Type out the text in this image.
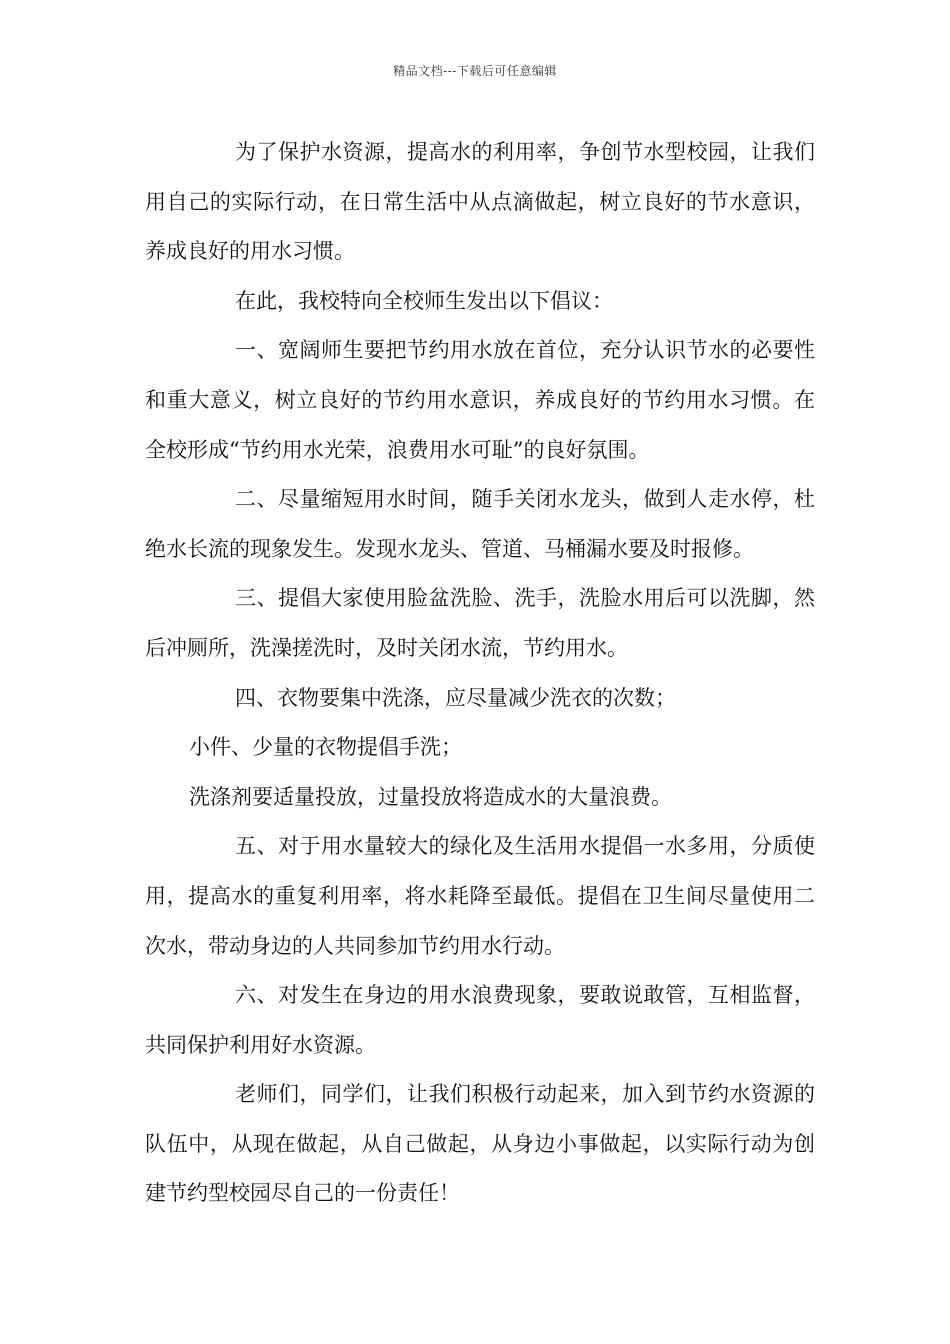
精品文档---下载后可任意编辑

为了保护水资源，提高水的利用率，争创节水型校园，让我们用自己的实际行动，在日常生活中从点滴做起，树立良好的节水意识，养成良好的用水习惯。

在此，我校特向全校师生发出以下倡议：

一、宽阔师生要把节约用水放在首位，充分认识节水的必要性和重大意义，树立良好的节约用水意识，养成良好的节约用水习惯。在全校形成“节约用水光荣，浪费用水可耻”的良好氛围。

二、尽量缩短用水时间，随手关闭水龙头，做到人走水停，杜绝水长流的现象发生。发现水龙头、管道、马桶漏水要及时报修。

三、提倡大家使用脸盆洗脸、洗手，洗脸水用后可以洗脚，然后冲厕所，洗澡搓洗时，及时关闭水流，节约用水。

四、衣物要集中洗涤，应尽量减少洗衣的次数；

小件、少量的衣物提倡手洗；

洗涤剂要适量投放，过量投放将造成水的大量浪费。

五、对于用水量较大的绿化及生活用水提倡一水多用，分质使用，提高水的重复利用率，将水耗降至最低。提倡在卫生间尽量使用二次水，带动身边的人共同参加节约用水行动。

六、对发生在身边的用水浪费现象，要敢说敢管，互相监督，共同保护利用好水资源。

老师们，同学们，让我们积极行动起来，加入到节约水资源的队伍中，从现在做起，从自己做起，从身边小事做起，以实际行动为创建节约型校园尽自己的一份责任！
